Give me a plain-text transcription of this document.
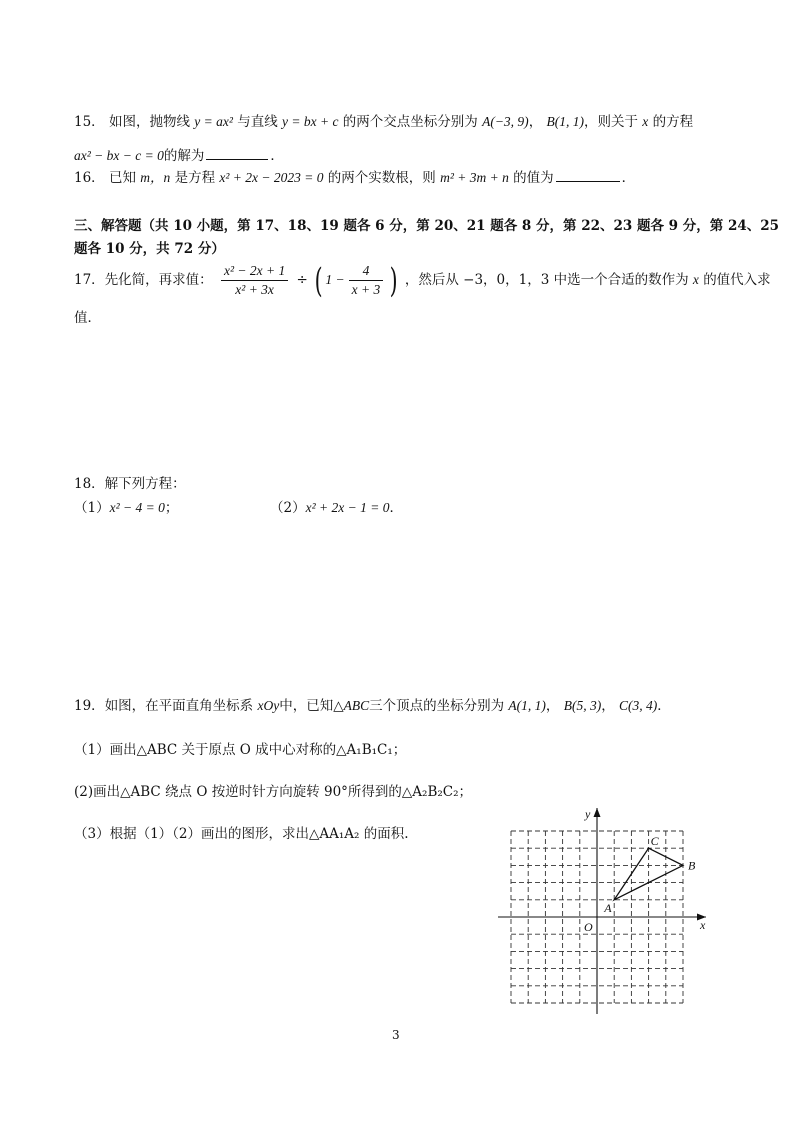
15． 如图，抛物线 y = ax² 与直线 y = bx + c 的两个交点坐标分别为 A(−3, 9)， B(1, 1)，则关于 x 的方程
ax² − bx − c = 0的解为	．
16． 已知 m，n 是方程 x² + 2x − 2023 = 0 的两个实数根，则 m² + 3m + n 的值为	．
三、解答题（共 10 小题，第 17、18、19 题各 6 分，第 20、21 题各 8 分，第 22、23 题各 9 分，第 24、25
题各 10 分，共 72 分）
17．先化简，再求值： $\frac{\text{x² − 2x + 1}}{\text{x² + 3x}}$ ÷ ( $1 - \frac{4}{x + 3}$ ) ，然后从 −3，0，1，3 中选一个合适的数作为 x 的值代入求
值．
18．解下列方程：
（1）x² − 4 = 0；	（2）x² + 2x − 1 = 0．
19．如图，在平面直角坐标系 xOy中，已知△ABC三个顶点的坐标分别为 A(1, 1)， B(5, 3)， C(3, 4)．
（1）画出△ABC 关于原点 O 成中心对称的△A₁B₁C₁；
(2)画出△ABC 绕点 O 按逆时针方向旋转 90°所得到的△A₂B₂C₂；
（3）根据（1）（2）画出的图形，求出△AA₁A₂ 的面积.
y
x
O
A
B
C
3
